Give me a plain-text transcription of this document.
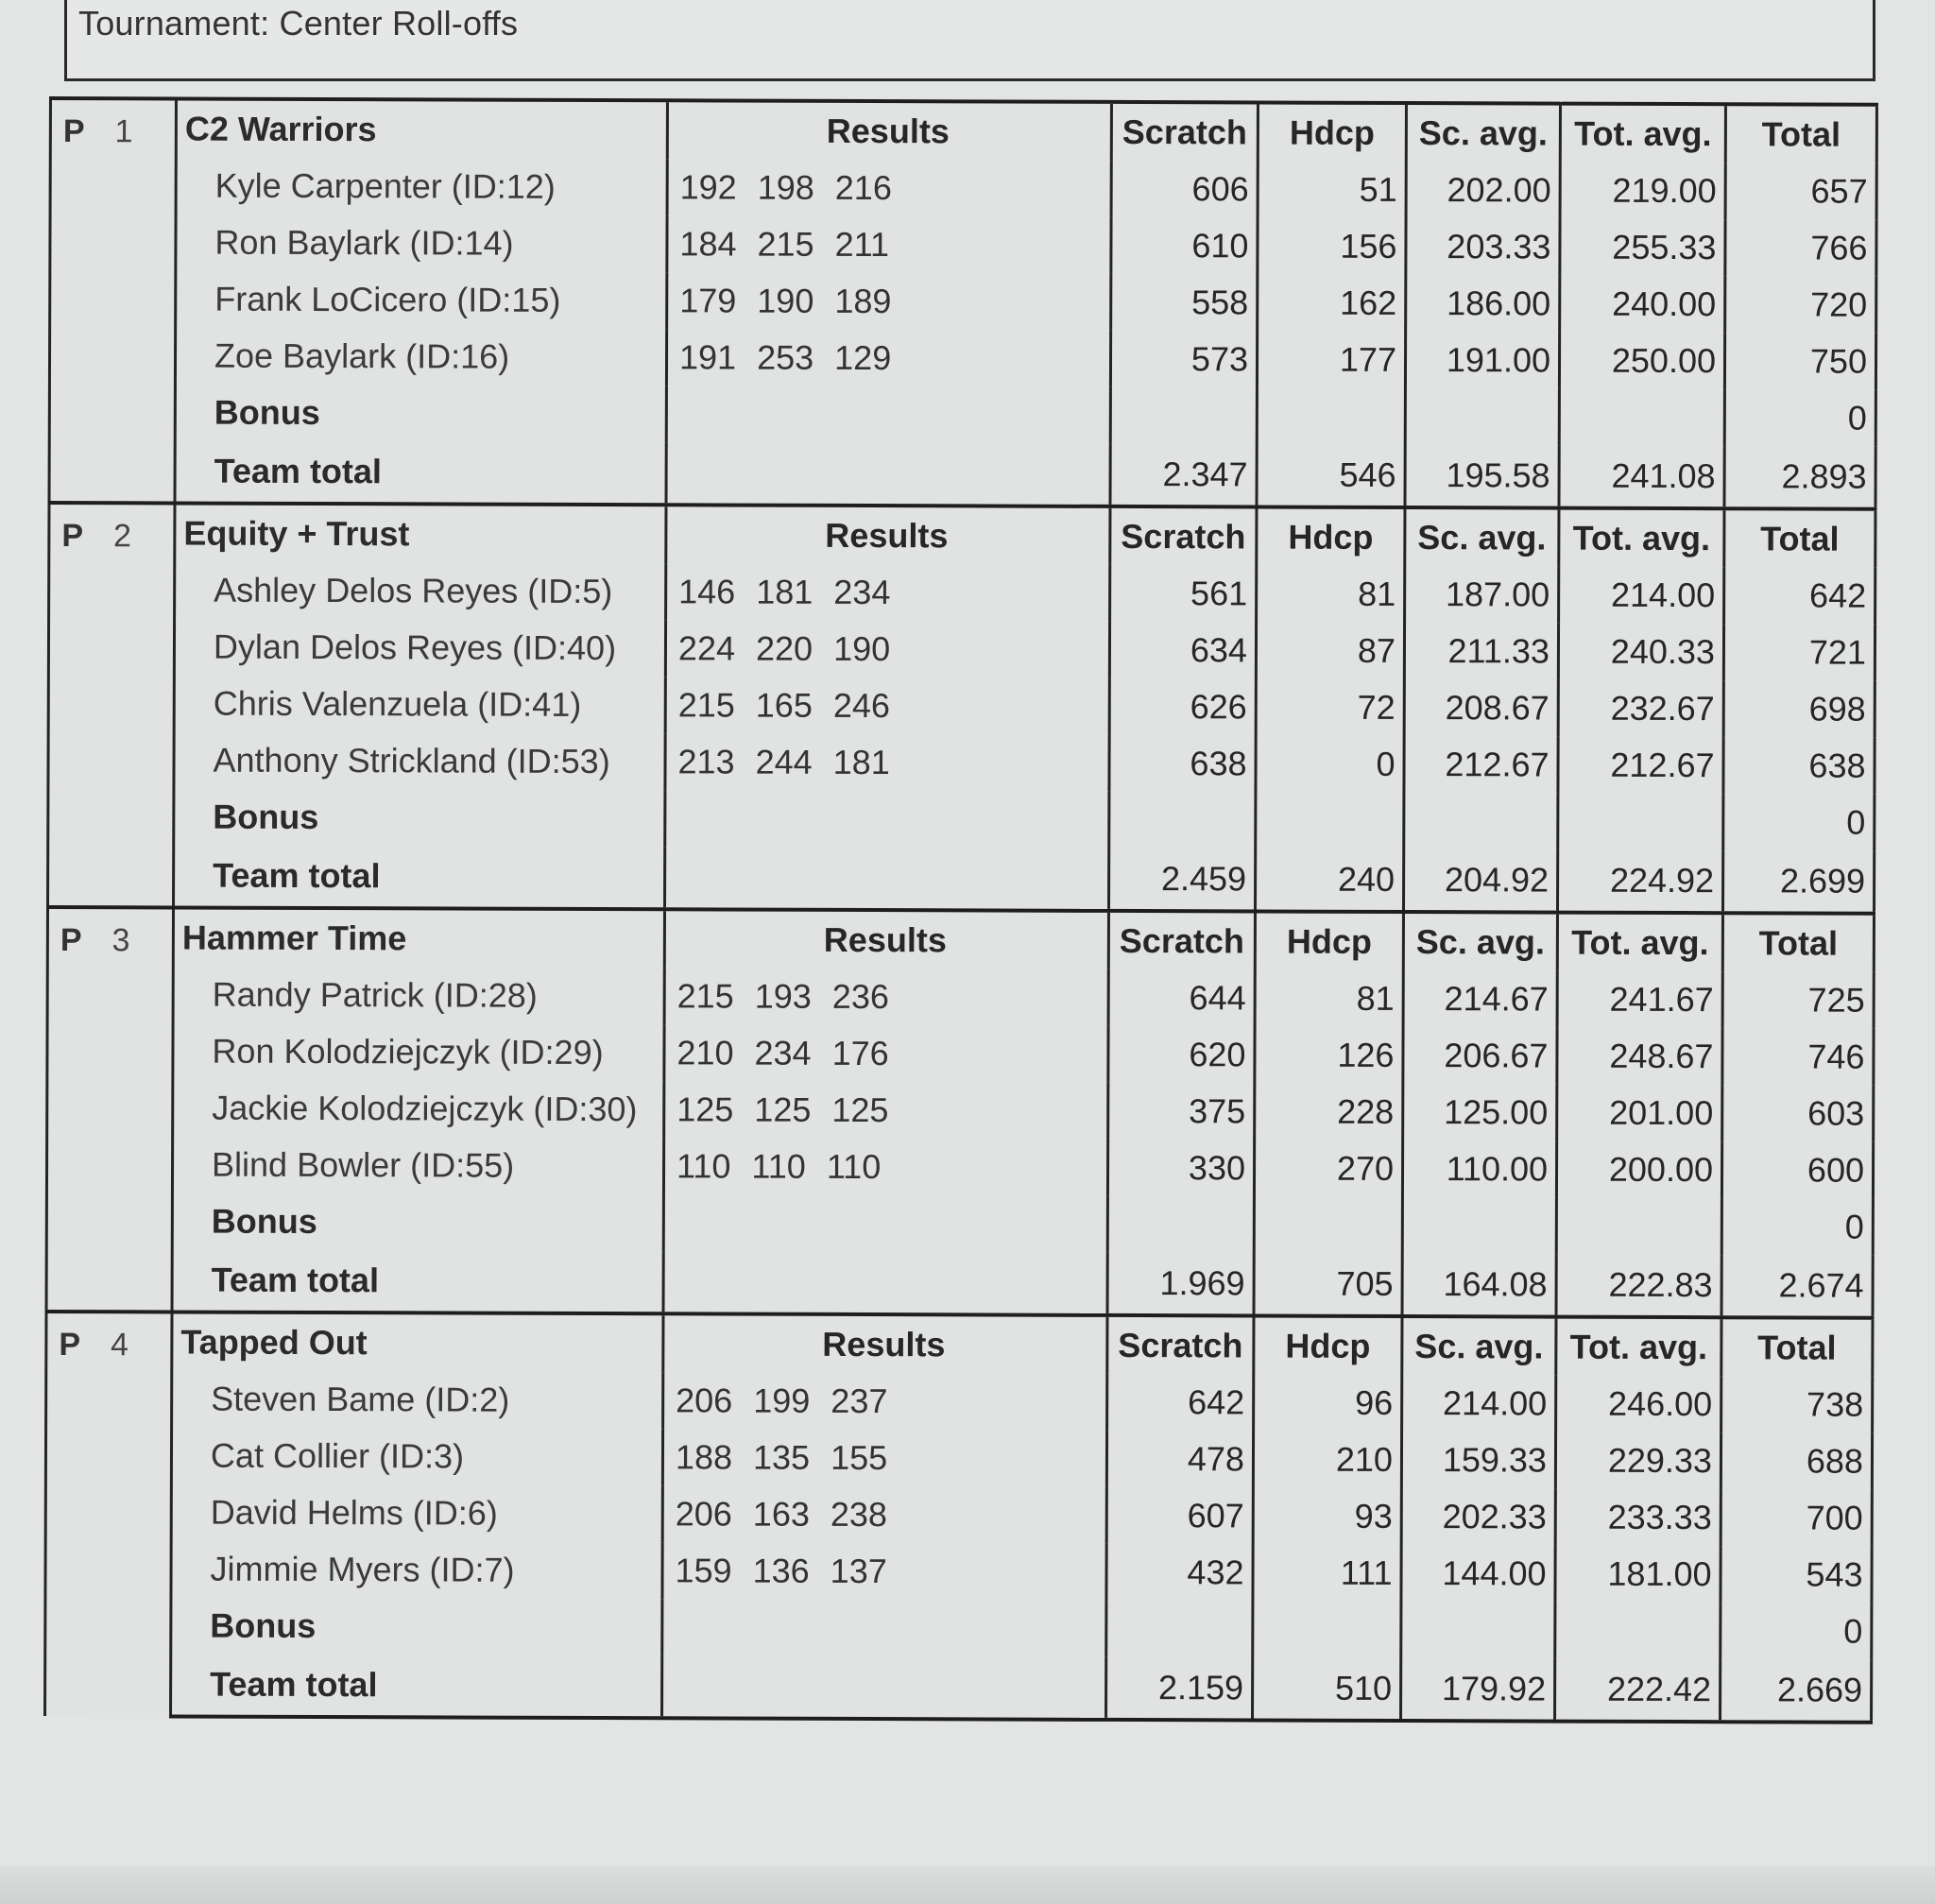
Tournament: Center Roll-offs
P 1	C2 Warriors	Results	Scratch	Hdcp	Sc. avg.	Tot. avg.	Total
	Kyle Carpenter (ID:12)	192 198 216	606	51	202.00	219.00	657
	Ron Baylark (ID:14)	184 215 211	610	156	203.33	255.33	766
	Frank LoCicero (ID:15)	179 190 189	558	162	186.00	240.00	720
	Zoe Baylark (ID:16)	191 253 129	573	177	191.00	250.00	750
	Bonus						0
	Team total		2.347	546	195.58	241.08	2.893
P 2	Equity + Trust	Results	Scratch	Hdcp	Sc. avg.	Tot. avg.	Total
	Ashley Delos Reyes (ID:5)	146 181 234	561	81	187.00	214.00	642
	Dylan Delos Reyes (ID:40)	224 220 190	634	87	211.33	240.33	721
	Chris Valenzuela (ID:41)	215 165 246	626	72	208.67	232.67	698
	Anthony Strickland (ID:53)	213 244 181	638	0	212.67	212.67	638
	Bonus						0
	Team total		2.459	240	204.92	224.92	2.699
P 3	Hammer Time	Results	Scratch	Hdcp	Sc. avg.	Tot. avg.	Total
	Randy Patrick (ID:28)	215 193 236	644	81	214.67	241.67	725
	Ron Kolodziejczyk (ID:29)	210 234 176	620	126	206.67	248.67	746
	Jackie Kolodziejczyk (ID:30)	125 125 125	375	228	125.00	201.00	603
	Blind Bowler (ID:55)	110 110 110	330	270	110.00	200.00	600
	Bonus						0
	Team total		1.969	705	164.08	222.83	2.674
P 4	Tapped Out	Results	Scratch	Hdcp	Sc. avg.	Tot. avg.	Total
	Steven Bame (ID:2)	206 199 237	642	96	214.00	246.00	738
	Cat Collier (ID:3)	188 135 155	478	210	159.33	229.33	688
	David Helms (ID:6)	206 163 238	607	93	202.33	233.33	700
	Jimmie Myers (ID:7)	159 136 137	432	111	144.00	181.00	543
	Bonus						0
	Team total		2.159	510	179.92	222.42	2.669
